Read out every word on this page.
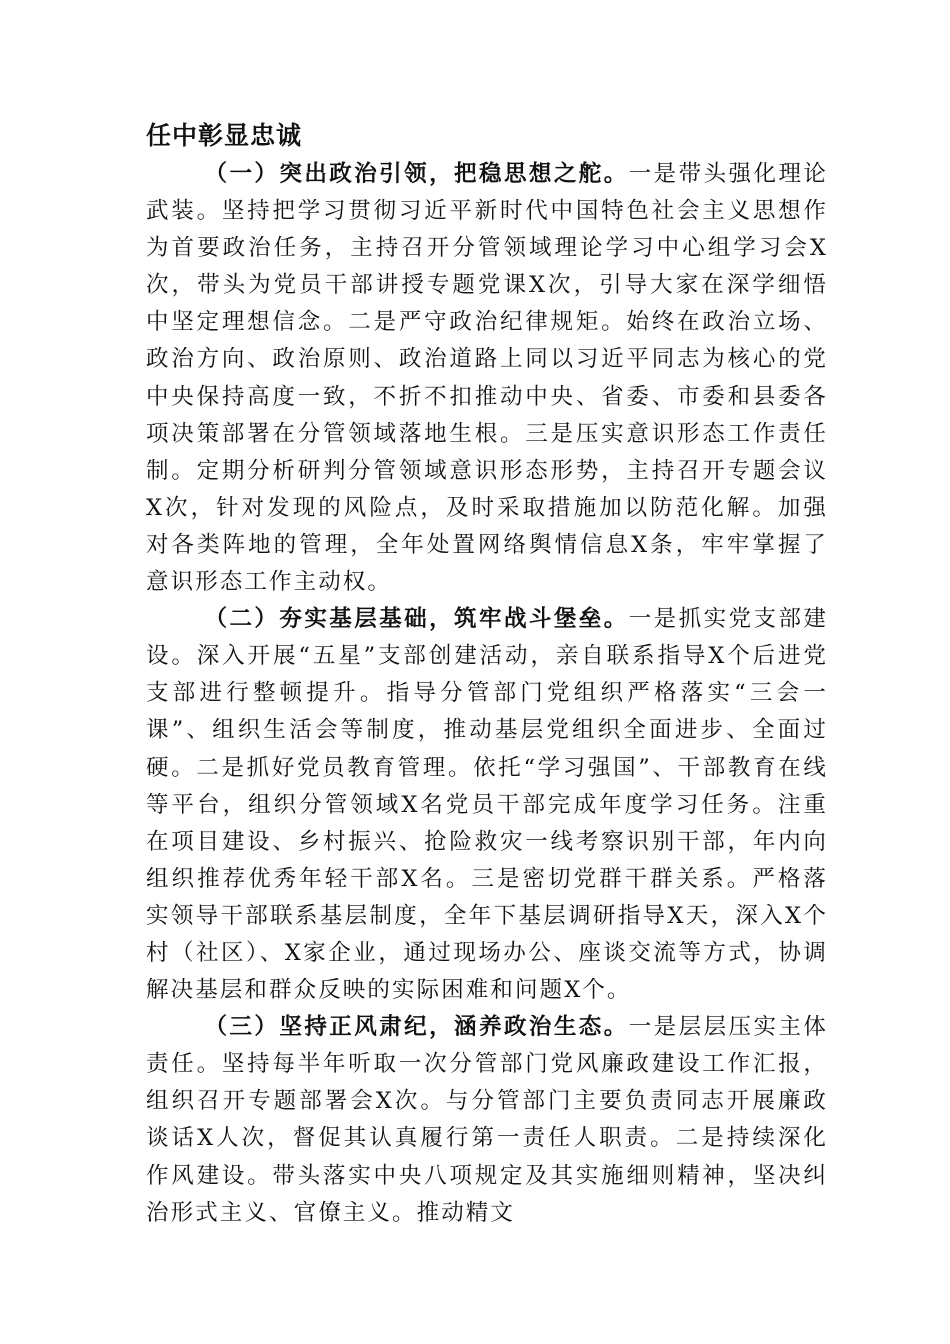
任中彰显忠诚

（一）突出政治引领，把稳思想之舵。一是带头强化理论武装。坚持把学习贯彻习近平新时代中国特色社会主义思想作为首要政治任务，主持召开分管领域理论学习中心组学习会X次，带头为党员干部讲授专题党课X次，引导大家在深学细悟中坚定理想信念。二是严守政治纪律规矩。始终在政治立场、政治方向、政治原则、政治道路上同以习近平同志为核心的党中央保持高度一致，不折不扣推动中央、省委、市委和县委各项决策部署在分管领域落地生根。三是压实意识形态工作责任制。定期分析研判分管领域意识形态形势，主持召开专题会议X次，针对发现的风险点，及时采取措施加以防范化解。加强对各类阵地的管理，全年处置网络舆情信息X条，牢牢掌握了意识形态工作主动权。

（二）夯实基层基础，筑牢战斗堡垒。一是抓实党支部建设。深入开展“五星”支部创建活动，亲自联系指导X个后进党支部进行整顿提升。指导分管部门党组织严格落实“三会一课”、组织生活会等制度，推动基层党组织全面进步、全面过硬。二是抓好党员教育管理。依托“学习强国”、干部教育在线等平台，组织分管领域X名党员干部完成年度学习任务。注重在项目建设、乡村振兴、抢险救灾一线考察识别干部，年内向组织推荐优秀年轻干部X名。三是密切党群干群关系。严格落实领导干部联系基层制度，全年下基层调研指导X天，深入X个村（社区）、X家企业，通过现场办公、座谈交流等方式，协调解决基层和群众反映的实际困难和问题X个。

（三）坚持正风肃纪，涵养政治生态。一是层层压实主体责任。坚持每半年听取一次分管部门党风廉政建设工作汇报，组织召开专题部署会X次。与分管部门主要负责同志开展廉政谈话X人次，督促其认真履行第一责任人职责。二是持续深化作风建设。带头落实中央八项规定及其实施细则精神，坚决纠治形式主义、官僚主义。推动精文
